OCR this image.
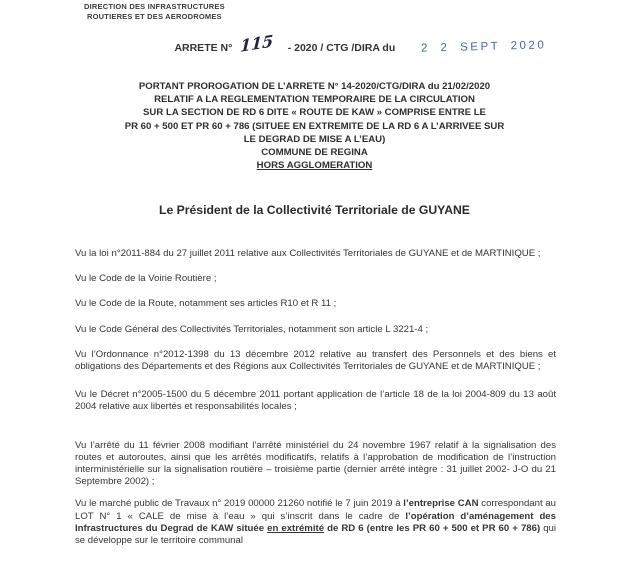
DIRECTION DES INFRASTRUCTURES
ROUTIERES ET DES AERODROMES
ARRETE N° 115 - 2020 / CTG /DIRA du 2 2 SEPT 2020
PORTANT PROROGATION DE L’ARRETE N° 14-2020/CTG/DIRA du 21/02/2020
RELATIF A LA REGLEMENTATION TEMPORAIRE DE LA CIRCULATION
SUR LA SECTION DE RD 6 DITE « ROUTE DE KAW » COMPRISE ENTRE LE
PR 60 + 500 ET PR 60 + 786 (SITUEE EN EXTREMITE DE LA RD 6 A L’ARRIVEE SUR
LE DEGRAD DE MISE A L’EAU)
COMMUNE DE REGINA
HORS AGGLOMERATION
Le Président de la Collectivité Territoriale de GUYANE

Vu la loi n°2011-884 du 27 juillet 2011 relative aux Collectivités Territoriales de GUYANE et de MARTINIQUE ;

Vu le Code de la Voirie Routière ;

Vu le Code de la Route, notamment ses articles R10 et R 11 ;

Vu le Code Général des Collectivités Territoriales, notamment son article L 3221-4 ;

Vu l’Ordonnance n°2012-1398 du 13 décembre 2012 relative au transfert des Personnels et des biens et obligations des Départements et des Régions aux Collectivités Territoriales de GUYANE et de MARTINIQUE ;

Vu le Décret n°2005-1500 du 5 décembre 2011 portant application de l’article 18 de la loi 2004-809 du 13 août 2004 relative aux libertés et responsabilités locales ;

Vu l’arrêté du 11 février 2008 modifiant l’arrêté ministériel du 24 novembre 1967 relatif à la signalisation des routes et autoroutes, ainsi que les arrêtés modificatifs, relatifs à l’approbation de modification de l’instruction interministérielle sur la signalisation routière – troisième partie (dernier arrêté intègre : 31 juillet 2002- J-O du 21 Septembre 2002) ;

Vu le marché public de Travaux n° 2019 00000 21260 notifié le 7 juin 2019 à l’entreprise CAN correspondant au LOT N° 1 « CALE de mise à l’eau » qui s’inscrit dans le cadre de l’opération d’aménagement des Infrastructures du Degrad de KAW située en extrémité de RD 6 (entre les PR 60 + 500 et PR 60 + 786) qui se développe sur le territoire communal
